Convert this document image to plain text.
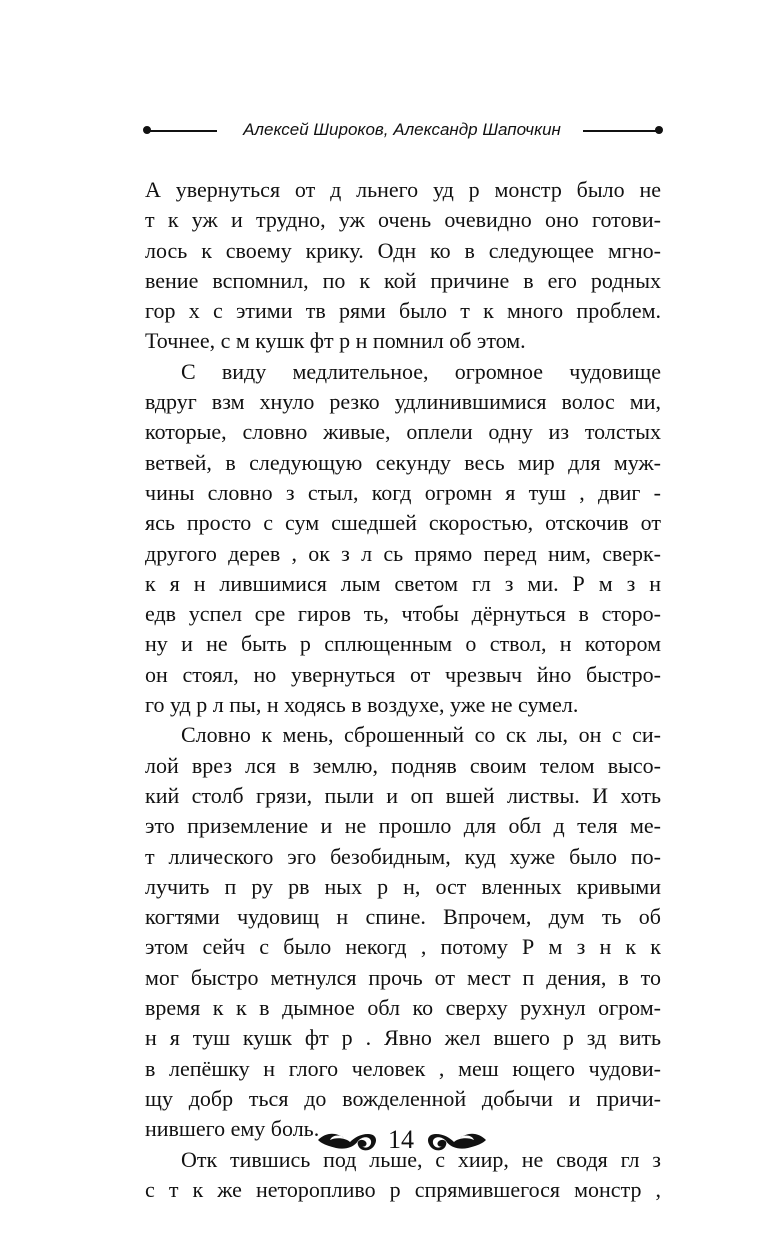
Алексей Широков, Александр Шапочкин
А увернуться от д льнего уд р монстр было не
т к уж и трудно, уж очень очевидно оно готови-
лось к своему крику. Одн ко в следующее мгно-
вение вспомнил, по к кой причине в его родных
гор х с этими тв рями было т к много проблем.
Точнее, с м кушк фт р н помнил об этом.
С виду медлительное, огромное чудовище
вдруг взм хнуло резко удлинившимися волос ми,
которые, словно живые, оплели одну из толстых
ветвей, в следующую секунду весь мир для муж-
чины словно з стыл, когд огромн я туш , двиг -
ясь просто с сум сшедшей скоростью, отскочив от
другого дерев , ок з л сь прямо перед ним, сверк-
к я н лившимися лым светом гл з ми. Р м з н
едв успел сре гиров ть, чтобы дёрнуться в сторо-
ну и не быть р сплющенным о ствол, н котором
он стоял, но увернуться от чрезвыч йно быстро-
го уд р л пы, н ходясь в воздухе, уже не сумел.
Словно к мень, сброшенный со ск лы, он с си-
лой врез лся в землю, подняв своим телом высо-
кий столб грязи, пыли и оп вшей листвы. И хоть
это приземление и не прошло для обл д теля ме-
т ллического эго безобидным, куд хуже было по-
лучить п ру рв ных р н, ост вленных кривыми
когтями чудовищ н спине. Впрочем, дум ть об
этом сейч с было некогд , потому Р м з н к к
мог быстро метнулся прочь от мест п дения, в то
время к к в дымное обл ко сверху рухнул огром-
н я туш кушк фт р . Явно жел вшего р зд вить
в лепёшку н глого человек , меш ющего чудови-
щу добр ться до вожделенной добычи и причи-
нившего ему боль.
Отк тившись под льше, с хиир, не сводя гл з
с т к же неторопливо р спрямившегося монстр ,
14
